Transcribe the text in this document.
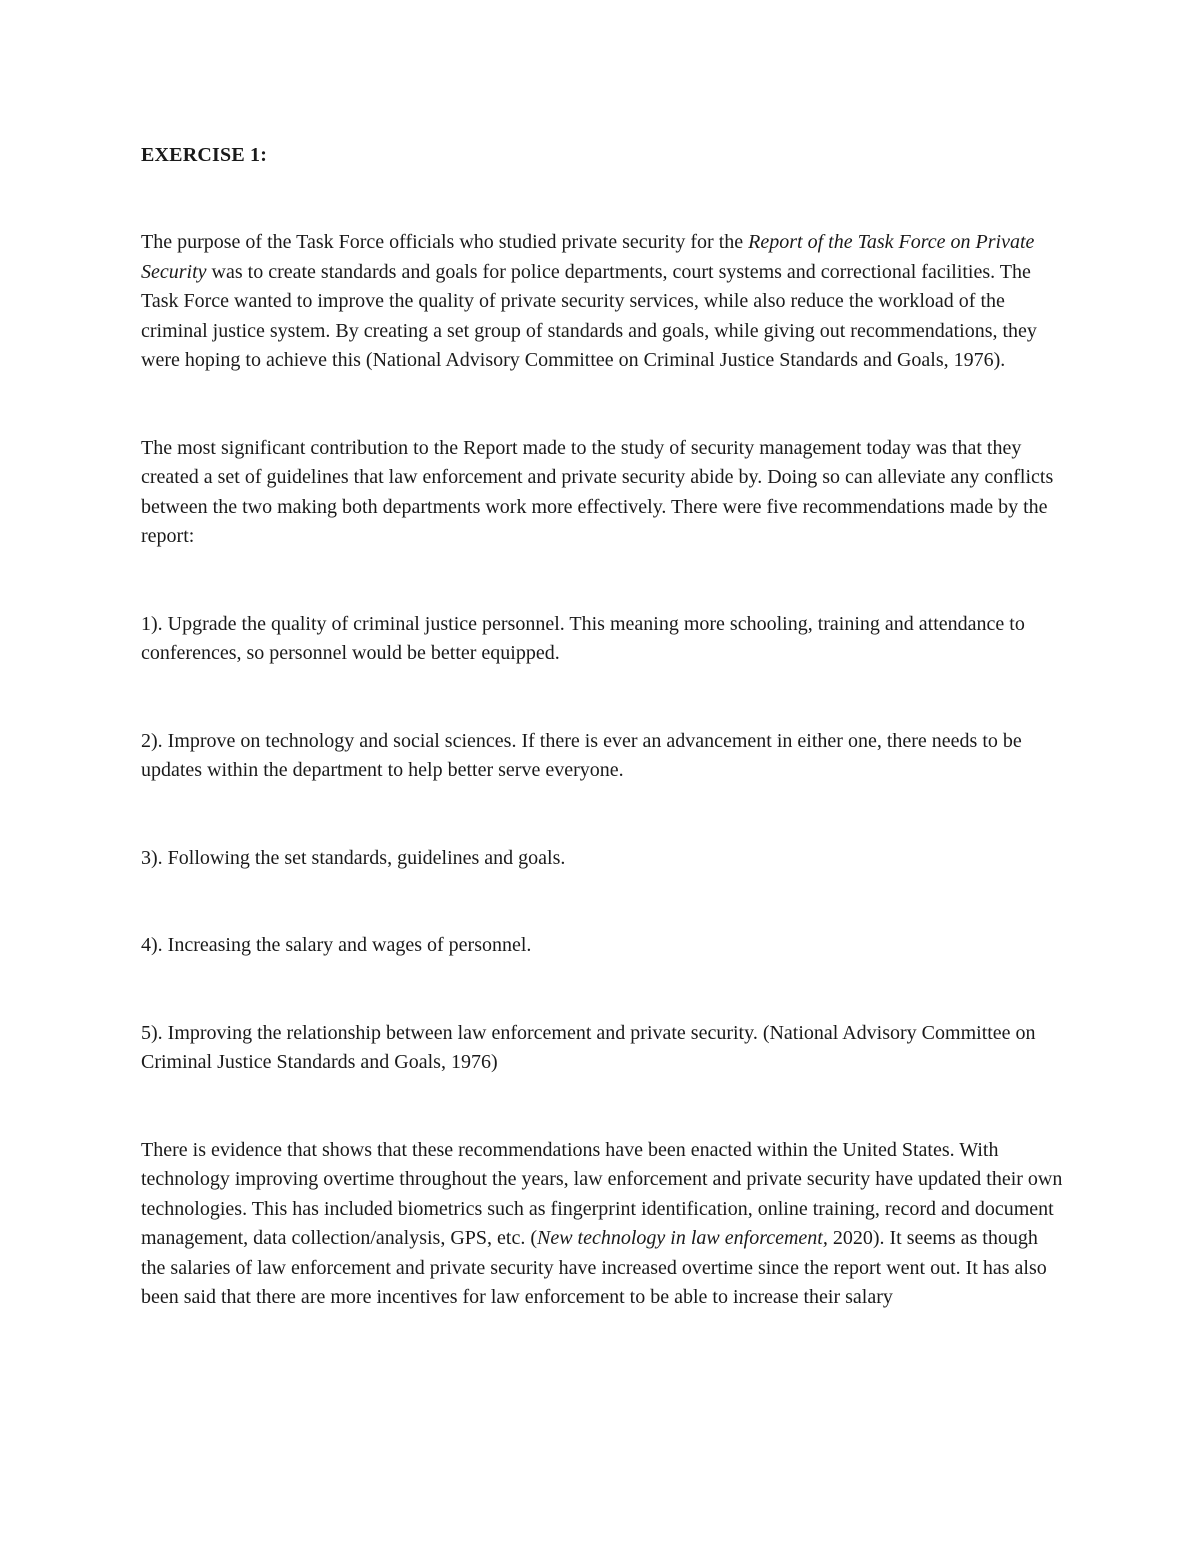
EXERCISE 1:

The purpose of the Task Force officials who studied private security for the Report of the Task Force on Private Security was to create standards and goals for police departments, court systems and correctional facilities. The Task Force wanted to improve the quality of private security services, while also reduce the workload of the criminal justice system. By creating a set group of standards and goals, while giving out recommendations, they were hoping to achieve this (National Advisory Committee on Criminal Justice Standards and Goals, 1976).

The most significant contribution to the Report made to the study of security management today was that they created a set of guidelines that law enforcement and private security abide by. Doing so can alleviate any conflicts between the two making both departments work more effectively. There were five recommendations made by the report:

1). Upgrade the quality of criminal justice personnel. This meaning more schooling, training and attendance to conferences, so personnel would be better equipped.

2). Improve on technology and social sciences. If there is ever an advancement in either one, there needs to be updates within the department to help better serve everyone.

3). Following the set standards, guidelines and goals.

4). Increasing the salary and wages of personnel.

5). Improving the relationship between law enforcement and private security. (National Advisory Committee on Criminal Justice Standards and Goals, 1976)

There is evidence that shows that these recommendations have been enacted within the United States. With technology improving overtime throughout the years, law enforcement and private security have updated their own technologies. This has included biometrics such as fingerprint identification, online training, record and document management, data collection/analysis, GPS, etc. (New technology in law enforcement, 2020). It seems as though the salaries of law enforcement and private security have increased overtime since the report went out. It has also been said that there are more incentives for law enforcement to be able to increase their salary
